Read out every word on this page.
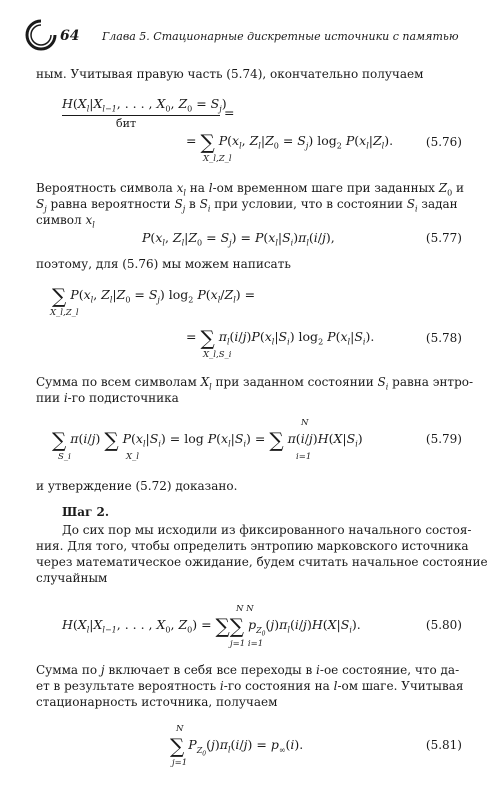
64 Глава 5. Стационарные дискретные источники с памятью
ным. Учитывая правую часть (5.74), окончательно получаем
$H(X_l|X_{l-1}$, . . . , $X_0$, $Z_0 = S_j$)
=
бит
= ∑ $P(x_l$, $Z_l|Z_0 = S_j$) $\log_2 P(x_l|Z_l)$.
X_l,Z_l
(5.76)
Вероятность символа $x_l$ на l-ом временном шаге при заданных $Z_0$ и
$S_j$ равна вероятности $S_j$ в $S_i$ при условии, что в состоянии $S_i$ задан
символ $x_l$
$P(x_l$, $Z_l|Z_0 = S_j) = P(x_l|S_i)\pi_l(i/j)$,	(5.77)
поэтому, для (5.76) мы можем написать
∑ $P(x_l$, $Z_l|Z_0 = S_j$) $\log_2 P(x_l/Z_l)$ =
X_l,Z_l
= ∑ $\pi_l(i/j)P(x_l|S_i)$ $\log_2 P(x_l|S_i)$.
X_l,S_i
(5.78)
Сумма по всем символам $X_l$ при заданном состоянии $S_i$ равна энтро-
пии i-го подисточника
N
∑ π(i/j) ∑ $P(x_l|S_i) = \log P(x_l|S_i)$ = ∑ $\pi(i/j)H(X|S_i)$
S_i	X_l	i=1
(5.79)
и утверждение (5.72) доказано.
Шаг 2.
До сих пор мы исходили из фиксированного начального состоя-
ния. Для того, чтобы определить энтропию марковского источника
через математическое ожидание, будем считать начальное состояние
случайным
N N
$H(X_l|X_{l-1}$, . . . , $X_0$, $Z_0$) = ∑∑ $p_{Z_0}(j)\pi_l(i/j)H(X|S_i)$.
j=1 i=1
(5.80)
Сумма по j включает в себя все переходы в i-ое состояние, что да-
ет в результате вероятность i-го состояния на l-ом шаге. Учитывая
стационарность источника, получаем
N
∑ $P_{Z_0}(j)\pi_l(i/j) = p_\infty(i)$.
j=1
(5.81)
